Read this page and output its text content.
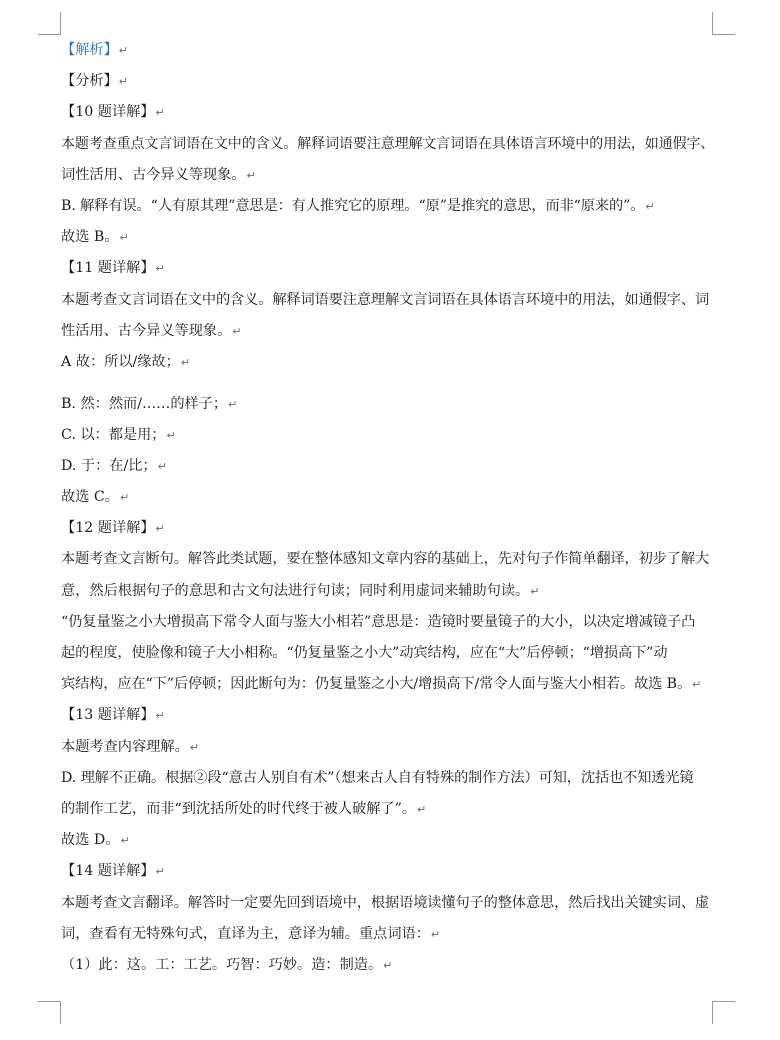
【解析】↵
【分析】↵
【10 题详解】↵
本题考查重点文言词语在文中的含义。解释词语要注意理解文言词语在具体语言环境中的用法，如通假字、
词性活用、古今异义等现象。↵
B. 解释有误。“人有原其理”意思是：有人推究它的原理。“原”是推究的意思，而非“原来的”。↵
故选 B。↵
【11 题详解】↵
本题考查文言词语在文中的含义。解释词语要注意理解文言词语在具体语言环境中的用法，如通假字、词
性活用、古今异义等现象。↵
A 故：所以/缘故；↵
B. 然：然而/……的样子；↵
C. 以：都是用；↵
D. 于：在/比；↵
故选 C。↵
【12 题详解】↵
本题考查文言断句。解答此类试题，要在整体感知文章内容的基础上，先对句子作简单翻译，初步了解大
意，然后根据句子的意思和古文句法进行句读；同时利用虚词来辅助句读。↵
“仍复量鉴之小大增损高下常令人面与鉴大小相若”意思是：造镜时要量镜子的大小，以决定增减镜子凸
起的程度，使脸像和镜子大小相称。“仍复量鉴之小大”动宾结构，应在“大”后停顿；“增损高下”动
宾结构，应在“下”后停顿；因此断句为：仍复量鉴之小大/增损高下/常令人面与鉴大小相若。故选 B。↵
【13 题详解】↵
本题考查内容理解。↵
D. 理解不正确。根据②段“意古人别自有术”（想来古人自有特殊的制作方法）可知，沈括也不知透光镜
的制作工艺，而非“到沈括所处的时代终于被人破解了”。↵
故选 D。↵
【14 题详解】↵
本题考查文言翻译。解答时一定要先回到语境中，根据语境读懂句子的整体意思，然后找出关键实词、虚
词，查看有无特殊句式，直译为主，意译为辅。重点词语：↵
（1）此：这。工：工艺。巧智：巧妙。造：制造。↵
